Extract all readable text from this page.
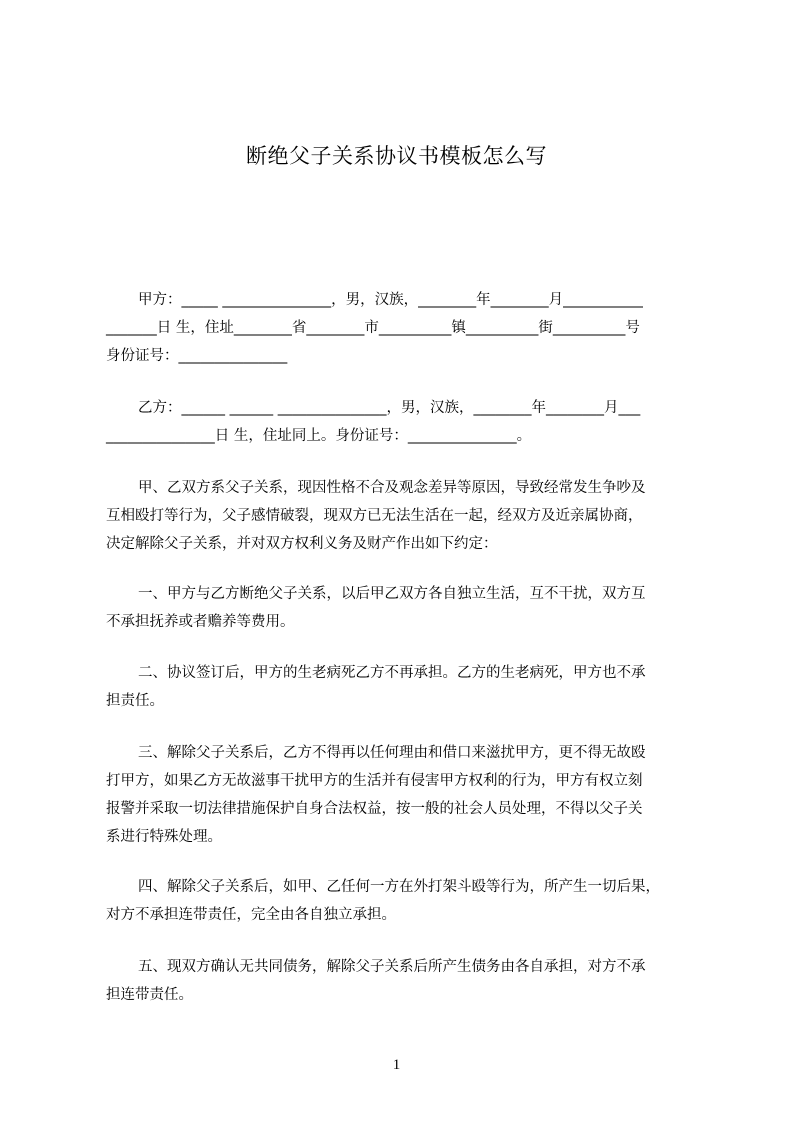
断绝父子关系协议书模板怎么写
甲方：_____ _______________，男，汉族，________年________月___________
_______日 生，住址________省________市__________镇__________街__________号
身份证号：_______________
乙方：______ ______ _______________，男，汉族，________年________月___
_______________日 生，住址同上。身份证号：_______________。
甲、乙双方系父子关系，现因性格不合及观念差异等原因，导致经常发生争吵及
互相殴打等行为，父子感情破裂，现双方已无法生活在一起，经双方及近亲属协商，
决定解除父子关系，并对双方权利义务及财产作出如下约定：
一、甲方与乙方断绝父子关系，以后甲乙双方各自独立生活，互不干扰，双方互
不承担抚养或者赡养等费用。
二、协议签订后，甲方的生老病死乙方不再承担。乙方的生老病死，甲方也不承
担责任。
三、解除父子关系后，乙方不得再以任何理由和借口来滋扰甲方，更不得无故殴
打甲方，如果乙方无故滋事干扰甲方的生活并有侵害甲方权利的行为，甲方有权立刻
报警并采取一切法律措施保护自身合法权益，按一般的社会人员处理，不得以父子关
系进行特殊处理。
四、解除父子关系后，如甲、乙任何一方在外打架斗殴等行为，所产生一切后果，
对方不承担连带责任，完全由各自独立承担。
五、现双方确认无共同债务，解除父子关系后所产生债务由各自承担，对方不承
担连带责任。
1
